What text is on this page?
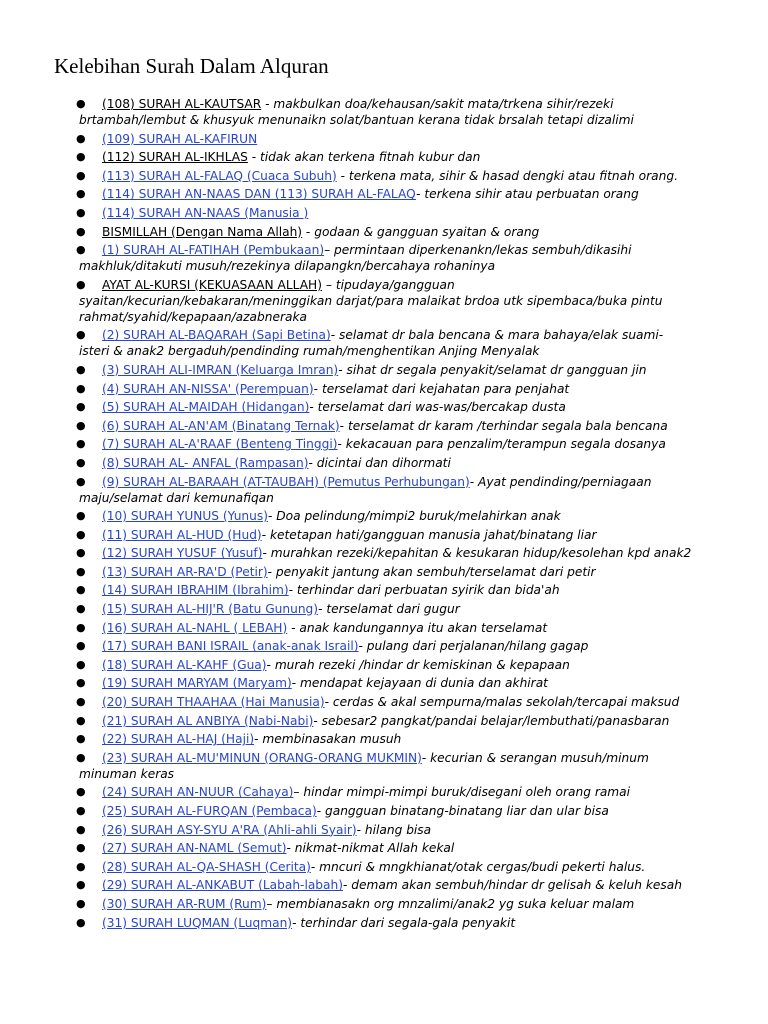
Kelebihan Surah Dalam Alquran
●	(108) SURAH AL-KAUTSAR - makbulkan doa/kehausan/sakit mata/trkena sihir/rezeki
brtambah/lembut & khusyuk menunaikn solat/bantuan kerana tidak brsalah tetapi dizalimi
●	(109) SURAH AL-KAFIRUN
●	(112) SURAH AL-IKHLAS - tidak akan terkena fitnah kubur dan
●	(113) SURAH AL-FALAQ (Cuaca Subuh) - terkena mata, sihir & hasad dengki atau fitnah orang.
●	(114) SURAH AN-NAAS DAN (113) SURAH AL-FALAQ- terkena sihir atau perbuatan orang
●	(114) SURAH AN-NAAS (Manusia )
●	BISMILLAH (Dengan Nama Allah) - godaan & gangguan syaitan & orang
●	(1) SURAH AL-FATIHAH (Pembukaan)– permintaan diperkenankn/lekas sembuh/dikasihi
makhluk/ditakuti musuh/rezekinya dilapangkn/bercahaya rohaninya
●	AYAT AL-KURSI (KEKUASAAN ALLAH) – tipudaya/gangguan
syaitan/kecurian/kebakaran/meninggikan darjat/para malaikat brdoa utk sipembaca/buka pintu rahmat/syahid/kepapaan/azabneraka
●	(2) SURAH AL-BAQARAH (Sapi Betina)- selamat dr bala bencana & mara bahaya/elak suami-
isteri & anak2 bergaduh/pendinding rumah/menghentikan Anjing Menyalak
●	(3) SURAH ALI-IMRAN (Keluarga Imran)- sihat dr segala penyakit/selamat dr gangguan jin
●	(4) SURAH AN-NISSA' (Perempuan)- terselamat dari kejahatan para penjahat
●	(5) SURAH AL-MAIDAH (Hidangan)- terselamat dari was-was/bercakap dusta
●	(6) SURAH AL-AN'AM (Binatang Ternak)- terselamat dr karam /terhindar segala bala bencana
●	(7) SURAH AL-A'RAAF (Benteng Tinggi)- kekacauan para penzalim/terampun segala dosanya
●	(8) SURAH AL- ANFAL (Rampasan)- dicintai dan dihormati
●	(9) SURAH AL-BARAAH (AT-TAUBAH) (Pemutus Perhubungan)- Ayat pendinding/perniagaan
maju/selamat dari kemunafiqan
●	(10) SURAH YUNUS (Yunus)- Doa pelindung/mimpi2 buruk/melahirkan anak
●	(11) SURAH AL-HUD (Hud)- ketetapan hati/gangguan manusia jahat/binatang liar
●	(12) SURAH YUSUF (Yusuf)- murahkan rezeki/kepahitan & kesukaran hidup/kesolehan kpd anak2
●	(13) SURAH AR-RA'D (Petir)- penyakit jantung akan sembuh/terselamat dari petir
●	(14) SURAH IBRAHIM (Ibrahim)- terhindar dari perbuatan syirik dan bida'ah
●	(15) SURAH AL-HIJ'R (Batu Gunung)- terselamat dari gugur
●	(16) SURAH AL-NAHL ( LEBAH) - anak kandungannya itu akan terselamat
●	(17) SURAH BANI ISRAIL (anak-anak Israil)- pulang dari perjalanan/hilang gagap
●	(18) SURAH AL-KAHF (Gua)- murah rezeki /hindar dr kemiskinan & kepapaan
●	(19) SURAH MARYAM (Maryam)- mendapat kejayaan di dunia dan akhirat
●	(20) SURAH THAAHAA (Hai Manusia)- cerdas & akal sempurna/malas sekolah/tercapai maksud
●	(21) SURAH AL ANBIYA (Nabi-Nabi)- sebesar2 pangkat/pandai belajar/lembuthati/panasbaran
●	(22) SURAH AL-HAJ (Haji)- membinasakan musuh
●	(23) SURAH AL-MU'MINUN (ORANG-ORANG MUKMIN)- kecurian & serangan musuh/minum
minuman keras
●	(24) SURAH AN-NUUR (Cahaya)– hindar mimpi-mimpi buruk/disegani oleh orang ramai
●	(25) SURAH AL-FURQAN (Pembaca)- gangguan binatang-binatang liar dan ular bisa
●	(26) SURAH ASY-SYU A'RA (Ahli-ahli Syair)- hilang bisa
●	(27) SURAH AN-NAML (Semut)- nikmat-nikmat Allah kekal
●	(28) SURAH AL-QA-SHASH (Cerita)- mncuri & mngkhianat/otak cergas/budi pekerti halus.
●	(29) SURAH AL-ANKABUT (Labah-labah)- demam akan sembuh/hindar dr gelisah & keluh kesah
●	(30) SURAH AR-RUM (Rum)– membianasakn org mnzalimi/anak2 yg suka keluar malam
●	(31) SURAH LUQMAN (Luqman)- terhindar dari segala-gala penyakit
